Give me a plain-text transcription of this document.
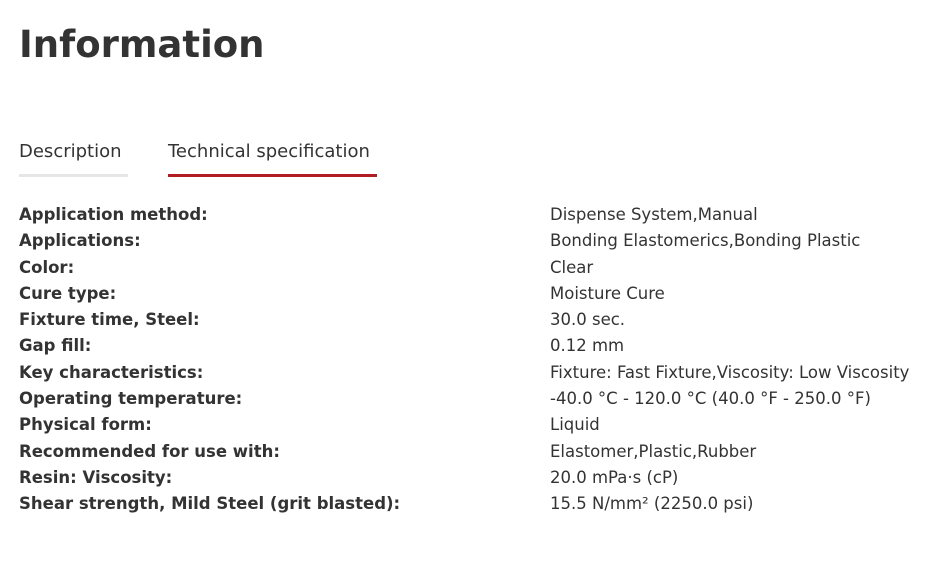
Information
Description	Technical specification
Application method:	Dispense System,Manual
Applications:	Bonding Elastomerics,Bonding Plastic
Color:	Clear
Cure type:	Moisture Cure
Fixture time, Steel:	30.0 sec.
Gap fill:	0.12 mm
Key characteristics:	Fixture: Fast Fixture,Viscosity: Low Viscosity
Operating temperature:	-40.0 °C - 120.0 °C (40.0 °F - 250.0 °F)
Physical form:	Liquid
Recommended for use with:	Elastomer,Plastic,Rubber
Resin: Viscosity:	20.0 mPa·s (cP)
Shear strength, Mild Steel (grit blasted):	15.5 N/mm² (2250.0 psi)
